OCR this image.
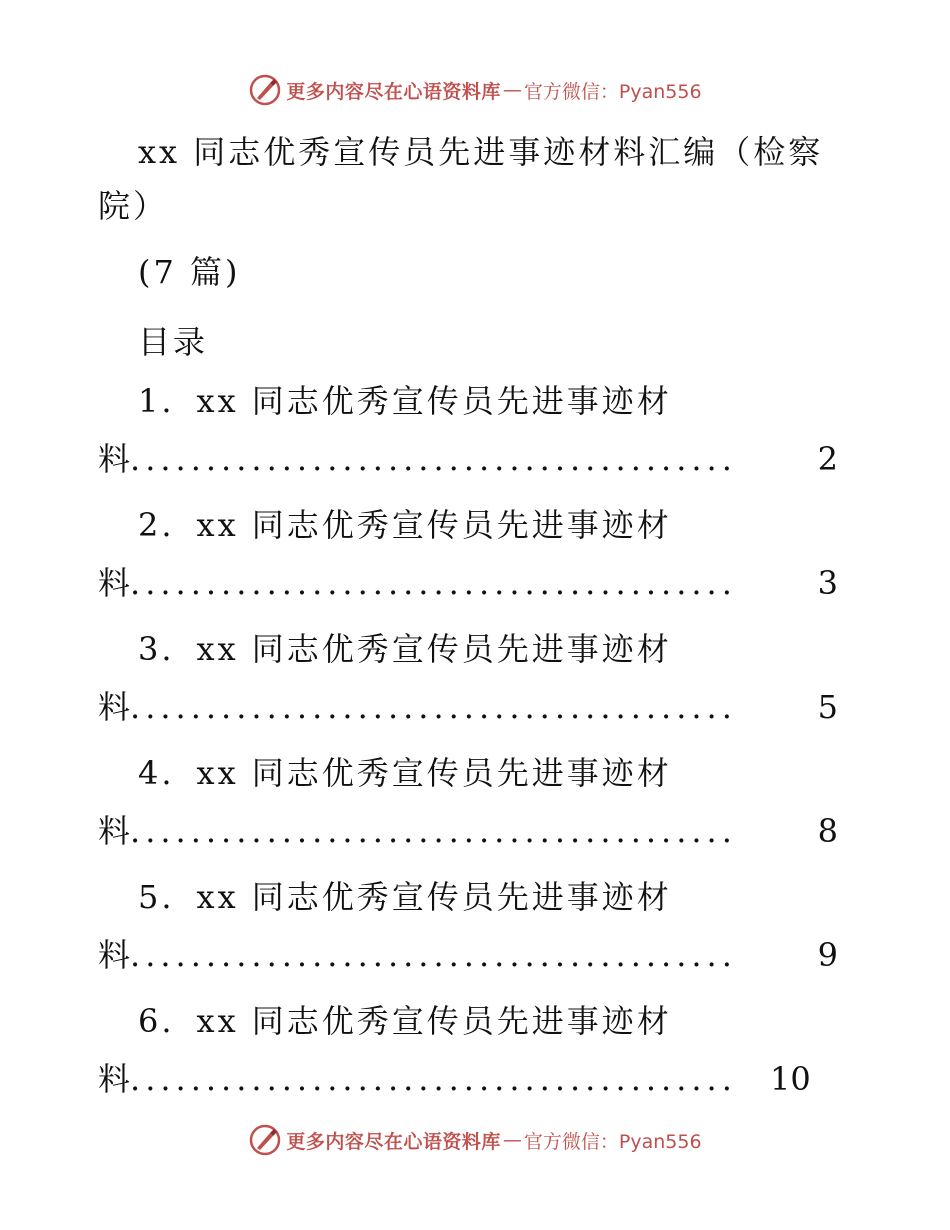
更多内容尽在心语资料库 — 官方微信：Pyan556
xx 同志优秀宣传员先进事迹材料汇编（检察
院）
(7 篇)
目录
1. xx 同志优秀宣传员先进事迹材
料 ........................................	2
2. xx 同志优秀宣传员先进事迹材
料 ........................................	3
3. xx 同志优秀宣传员先进事迹材
料 ........................................	5
4. xx 同志优秀宣传员先进事迹材
料 ........................................	8
5. xx 同志优秀宣传员先进事迹材
料 ........................................	9
6. xx 同志优秀宣传员先进事迹材
料 ........................................	10
更多内容尽在心语资料库 — 官方微信：Pyan556
